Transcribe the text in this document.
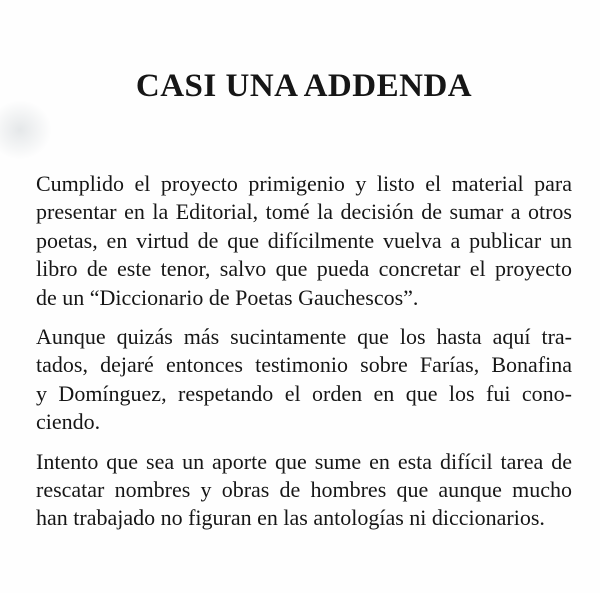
CASI UNA ADDENDA
Cumplido el proyecto primigenio y listo el material para
presentar en la Editorial, tomé la decisión de sumar a otros
poetas, en virtud de que difícilmente vuelva a publicar un
libro de este tenor, salvo que pueda concretar el proyecto
de un “Diccionario de Poetas Gauchescos”.
Aunque quizás más sucintamente que los hasta aquí tra-
tados, dejaré entonces testimonio sobre Farías, Bonafina
y Domínguez, respetando el orden en que los fui cono-
ciendo.
Intento que sea un aporte que sume en esta difícil tarea de
rescatar nombres y obras de hombres que aunque mucho
han trabajado no figuran en las antologías ni diccionarios.
